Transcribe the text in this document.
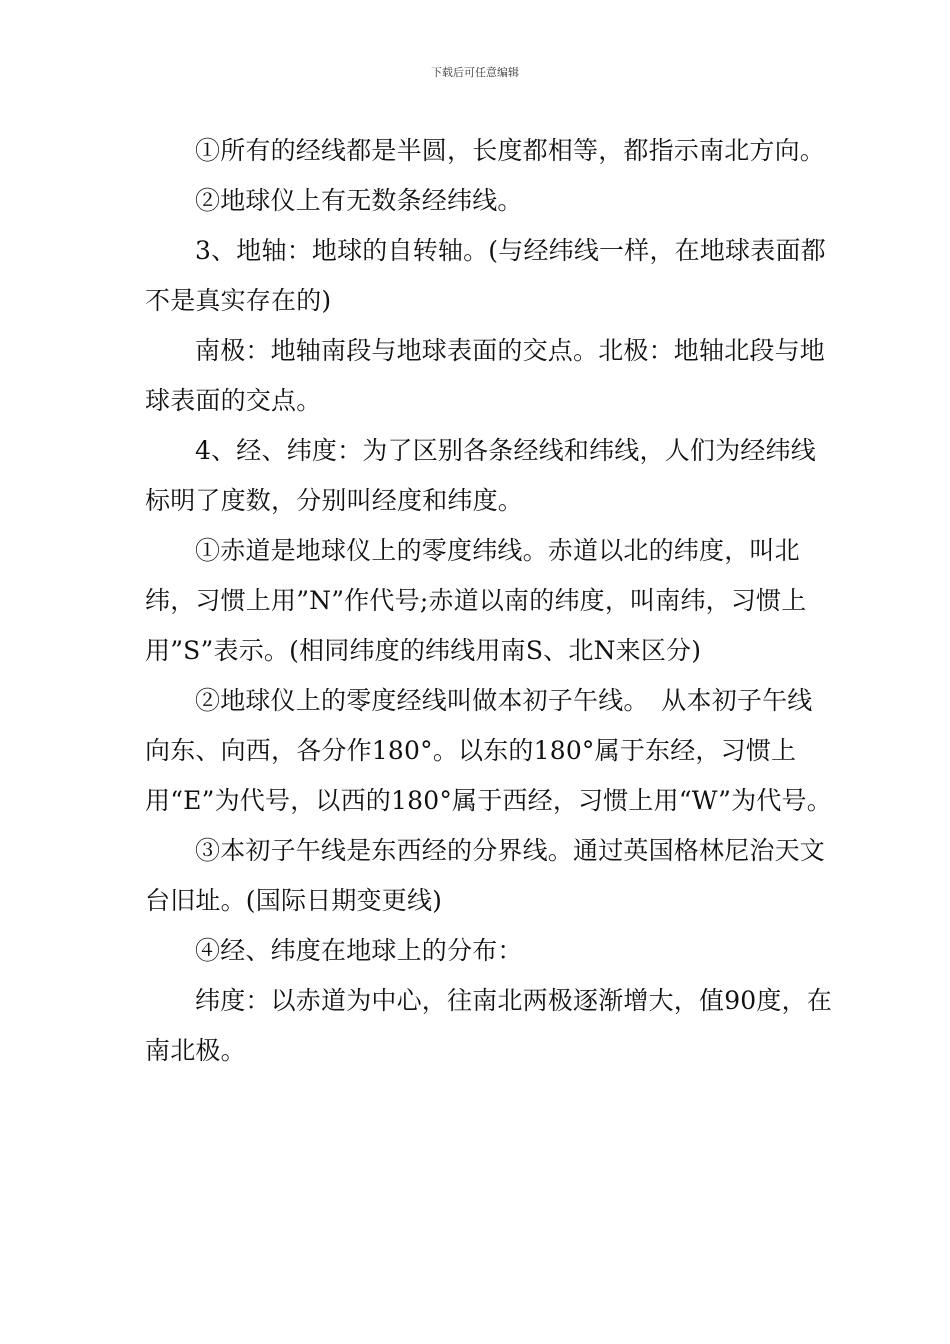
下载后可任意编辑

①所有的经线都是半圆，长度都相等，都指示南北方向。

②地球仪上有无数条经纬线。

3、地轴：地球的自转轴。(与经纬线一样，在地球表面都不是真实存在的)

南极：地轴南段与地球表面的交点。北极：地轴北段与地球表面的交点。

4、经、纬度：为了区别各条经线和纬线，人们为经纬线标明了度数，分别叫经度和纬度。

①赤道是地球仪上的零度纬线。赤道以北的纬度，叫北纬，习惯上用”N”作代号;赤道以南的纬度，叫南纬，习惯上用”S”表示。(相同纬度的纬线用南S、北N来区分)

②地球仪上的零度经线叫做本初子午线。　从本初子午线向东、向西，各分作180°。以东的180°属于东经，习惯上用“E”为代号，以西的180°属于西经，习惯上用“W”为代号。

③本初子午线是东西经的分界线。通过英国格林尼治天文台旧址。(国际日期变更线)

④经、纬度在地球上的分布：

纬度：以赤道为中心，往南北两极逐渐增大，值90度，在南北极。
